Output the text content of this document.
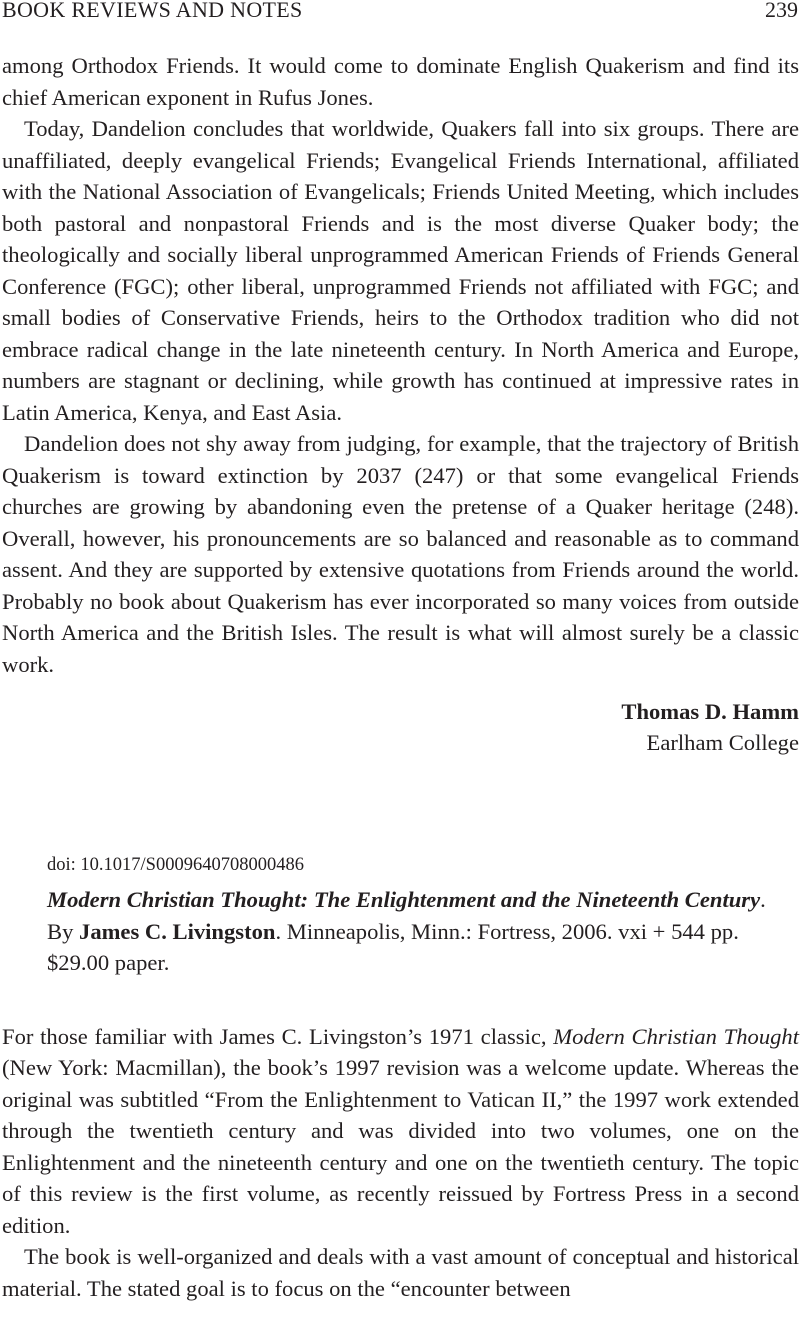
BOOK REVIEWS AND NOTES	239

among Orthodox Friends. It would come to dominate English Quakerism and find its chief American exponent in Rufus Jones.

Today, Dandelion concludes that worldwide, Quakers fall into six groups. There are unaffiliated, deeply evangelical Friends; Evangelical Friends International, affiliated with the National Association of Evangelicals; Friends United Meeting, which includes both pastoral and nonpastoral Friends and is the most diverse Quaker body; the theologically and socially liberal unprogrammed American Friends of Friends General Conference (FGC); other liberal, unprogrammed Friends not affiliated with FGC; and small bodies of Conservative Friends, heirs to the Orthodox tradition who did not embrace radical change in the late nineteenth century. In North America and Europe, numbers are stagnant or declining, while growth has continued at impressive rates in Latin America, Kenya, and East Asia.

Dandelion does not shy away from judging, for example, that the trajectory of British Quakerism is toward extinction by 2037 (247) or that some evangelical Friends churches are growing by abandoning even the pretense of a Quaker heritage (248). Overall, however, his pronouncements are so balanced and reasonable as to command assent. And they are supported by extensive quotations from Friends around the world. Probably no book about Quakerism has ever incorporated so many voices from outside North America and the British Isles. The result is what will almost surely be a classic work.

Thomas D. Hamm
Earlham College
doi: 10.1017/S0009640708000486
Modern Christian Thought: The Enlightenment and the Nineteenth Century. By James C. Livingston. Minneapolis, Minn.: Fortress, 2006. vxi + 544 pp. $29.00 paper.

For those familiar with James C. Livingston’s 1971 classic, Modern Christian Thought (New York: Macmillan), the book’s 1997 revision was a welcome update. Whereas the original was subtitled “From the Enlightenment to Vatican II,” the 1997 work extended through the twentieth century and was divided into two volumes, one on the Enlightenment and the nineteenth century and one on the twentieth century. The topic of this review is the first volume, as recently reissued by Fortress Press in a second edition.

The book is well-organized and deals with a vast amount of conceptual and historical material. The stated goal is to focus on the “encounter between
